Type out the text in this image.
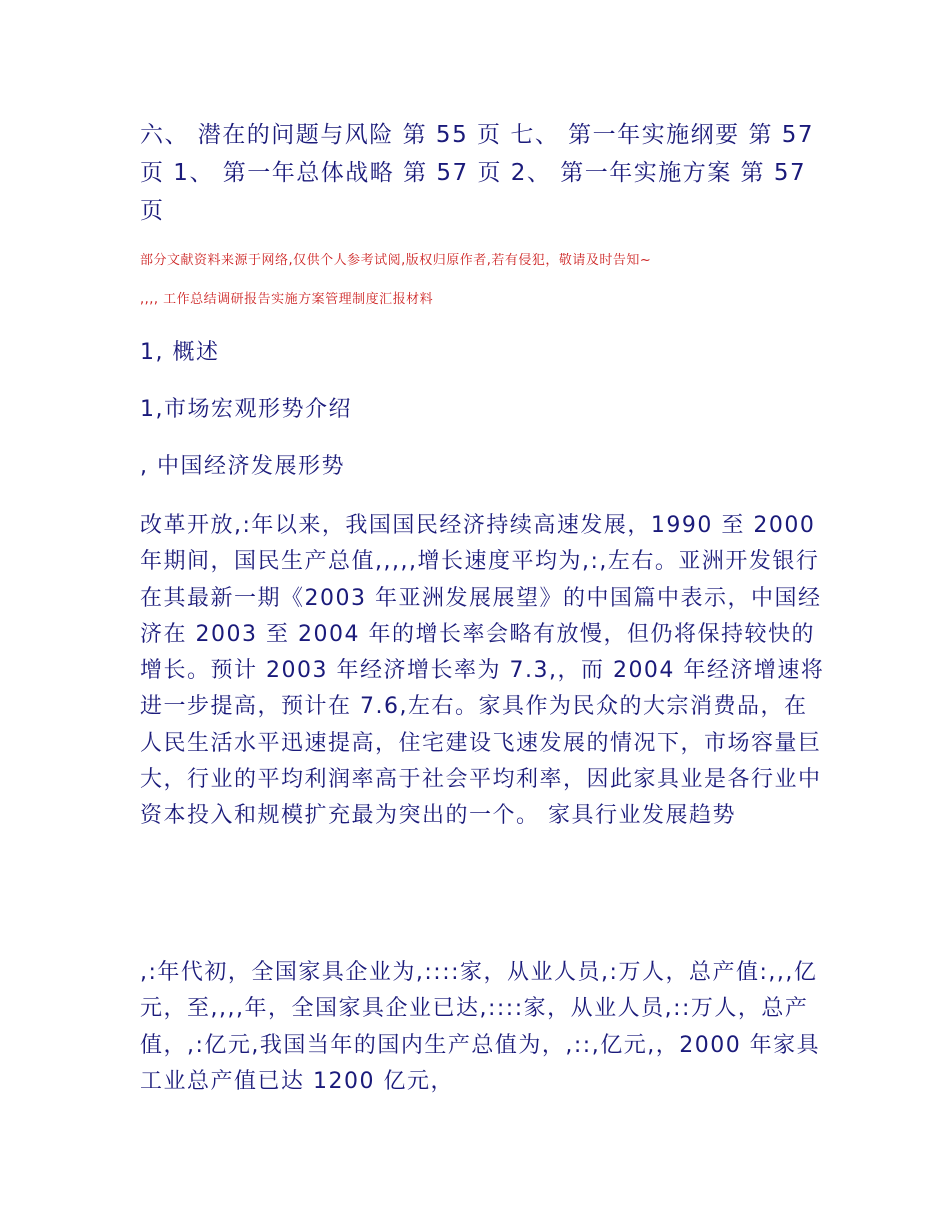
六、 潜在的问题与风险 第 55 页 七、 第一年实施纲要 第 57 页 1、 第一年总体战略 第 57 页 2、 第一年实施方案 第 57 页

部分文献资料来源于网络,仅供个人参考试阅,版权归原作者,若有侵犯，敬请及时告知~

,,,, 工作总结调研报告实施方案管理制度汇报材料

1, 概述

1,市场宏观形势介绍

, 中国经济发展形势

改革开放,:年以来，我国国民经济持续高速发展，1990 至 2000 年期间，国民生产总值,,,,,增长速度平均为,:,左右。亚洲开发银行在其最新一期《2003 年亚洲发展展望》的中国篇中表示，中国经济在 2003 至 2004 年的增长率会略有放慢，但仍将保持较快的增长。预计 2003 年经济增长率为 7.3,，而 2004 年经济增速将进一步提高，预计在 7.6,左右。家具作为民众的大宗消费品，在人民生活水平迅速提高，住宅建设飞速发展的情况下，市场容量巨大，行业的平均利润率高于社会平均利率，因此家具业是各行业中资本投入和规模扩充最为突出的一个。 家具行业发展趋势

,:年代初，全国家具企业为,::::家，从业人员,:万人，总产值:,,,亿元，至,,,,年，全国家具企业已达,::::家，从业人员,::万人，总产值，,:亿元,我国当年的国内生产总值为，,::,亿元,，2000 年家具工业总产值已达 1200 亿元，
